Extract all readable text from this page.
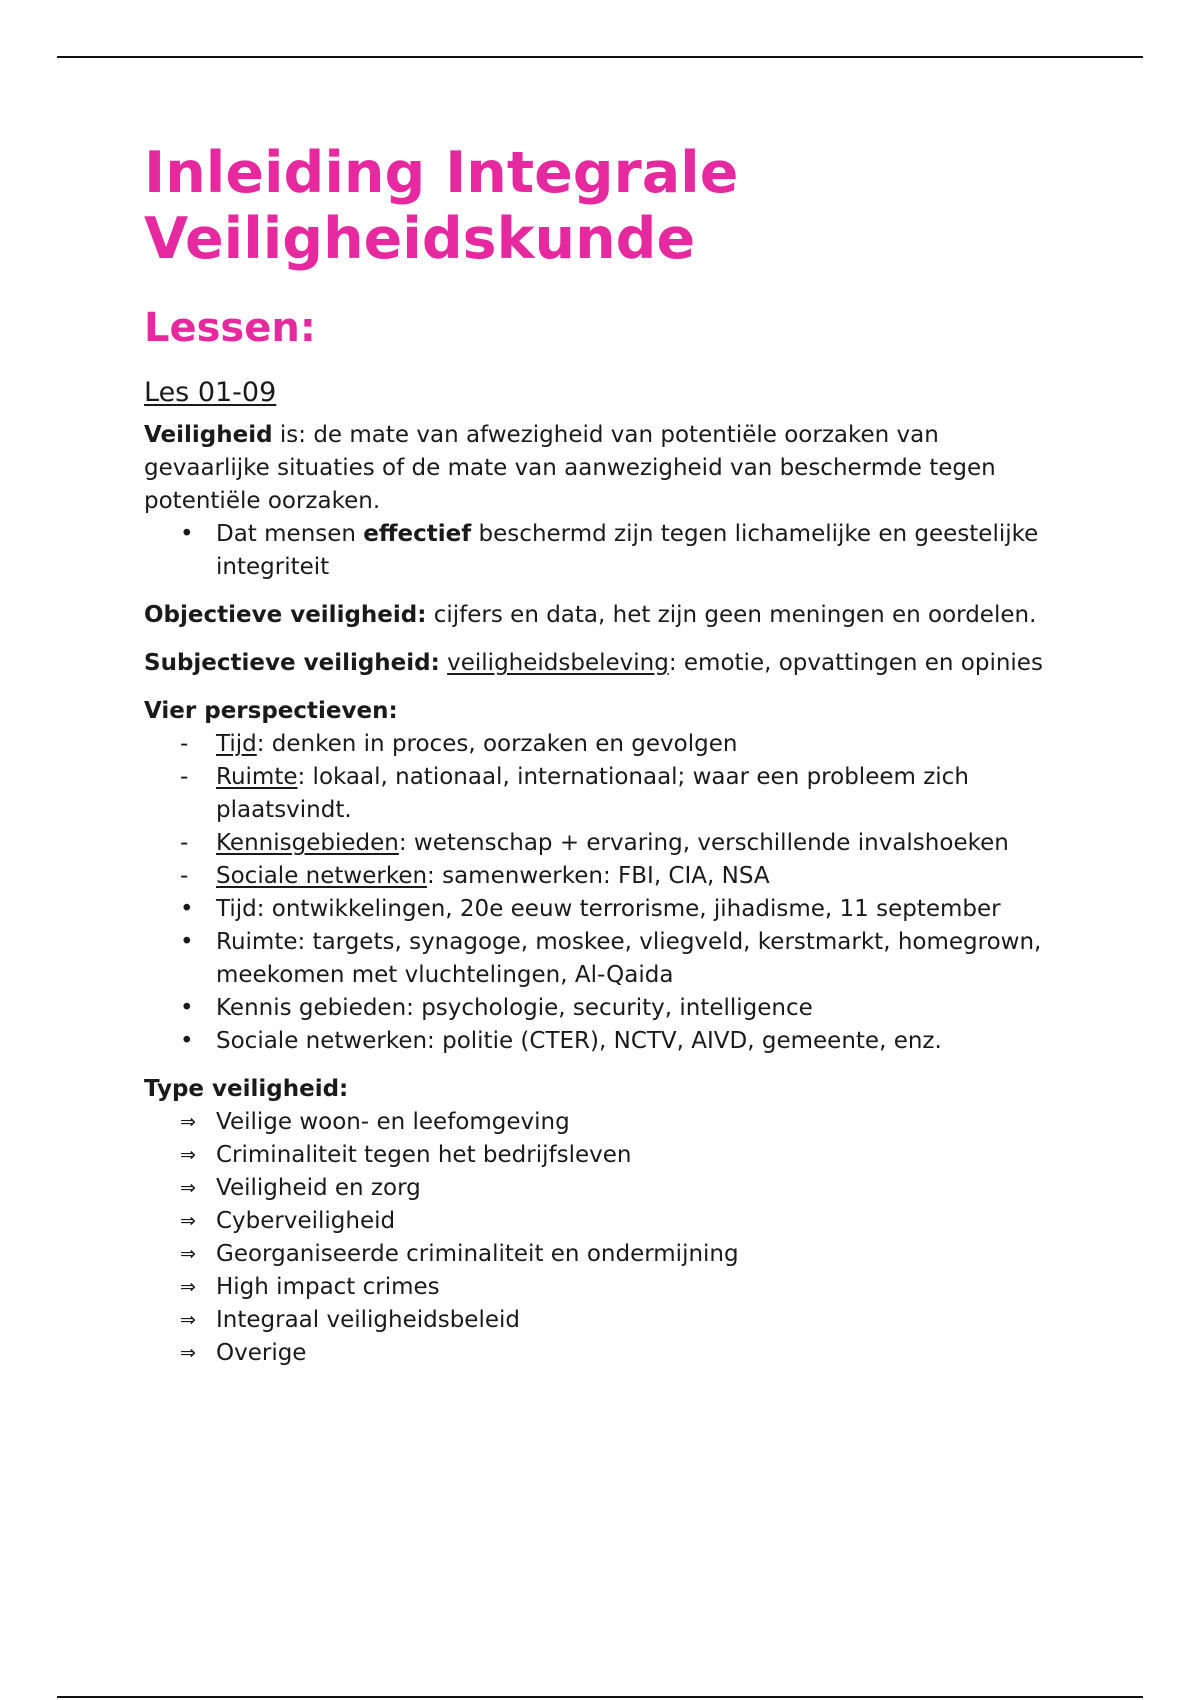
Inleiding Integrale
Veiligheidskunde
Lessen:
Les 01-09

Veiligheid is: de mate van afwezigheid van potentiële oorzaken van gevaarlijke situaties of de mate van aanwezigheid van beschermde tegen potentiële oorzaken.

• Dat mensen effectief beschermd zijn tegen lichamelijke en geestelijke integriteit

Objectieve veiligheid: cijfers en data, het zijn geen meningen en oordelen.

Subjectieve veiligheid: veiligheidsbeleving: emotie, opvattingen en opinies

Vier perspectieven:

-	Tijd: denken in proces, oorzaken en gevolgen
-	Ruimte: lokaal, nationaal, internationaal; waar een probleem zich plaatsvindt.
-	Kennisgebieden: wetenschap + ervaring, verschillende invalshoeken
-	Sociale netwerken: samenwerken: FBI, CIA, NSA
• Tijd: ontwikkelingen, 20e eeuw terrorisme, jihadisme, 11 september
• Ruimte: targets, synagoge, moskee, vliegveld, kerstmarkt, homegrown, meekomen met vluchtelingen, Al-Qaida
• Kennis gebieden: psychologie, security, intelligence
• Sociale netwerken: politie (CTER), NCTV, AIVD, gemeente, enz.

Type veiligheid:

⇒ Veilige woon- en leefomgeving
⇒ Criminaliteit tegen het bedrijfsleven
⇒ Veiligheid en zorg
⇒ Cyberveiligheid
⇒ Georganiseerde criminaliteit en ondermijning
⇒ High impact crimes
⇒ Integraal veiligheidsbeleid
⇒ Overige
